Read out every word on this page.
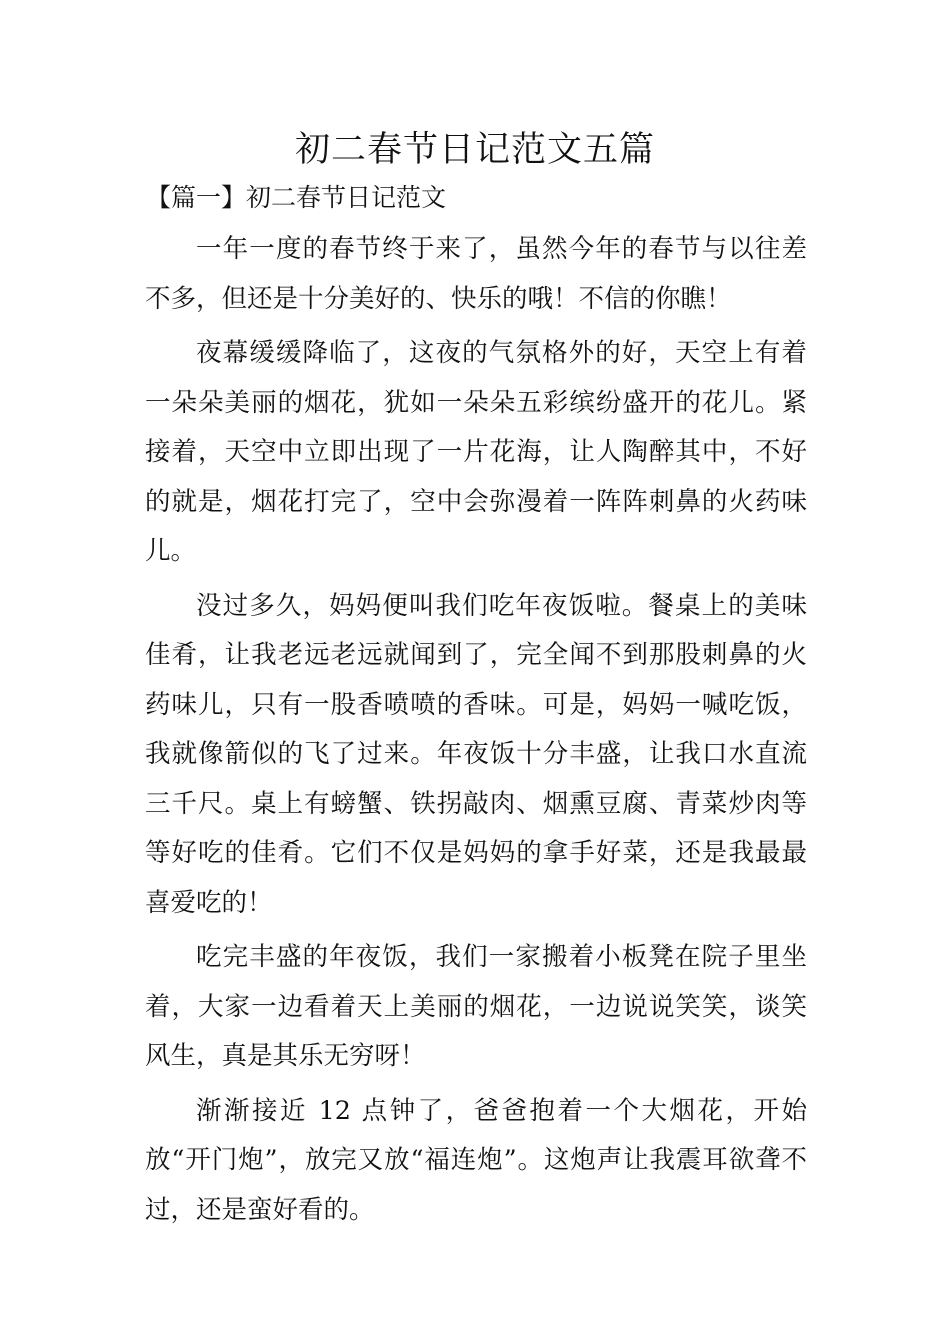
初二春节日记范文五篇

【篇一】初二春节日记范文

一年一度的春节终于来了，虽然今年的春节与以往差不多，但还是十分美好的、快乐的哦！不信的你瞧！

夜幕缓缓降临了，这夜的气氛格外的好，天空上有着一朵朵美丽的烟花，犹如一朵朵五彩缤纷盛开的花儿。紧接着，天空中立即出现了一片花海，让人陶醉其中，不好的就是，烟花打完了，空中会弥漫着一阵阵刺鼻的火药味儿。

没过多久，妈妈便叫我们吃年夜饭啦。餐桌上的美味佳肴，让我老远老远就闻到了，完全闻不到那股刺鼻的火药味儿，只有一股香喷喷的香味。可是，妈妈一喊吃饭，我就像箭似的飞了过来。年夜饭十分丰盛，让我口水直流三千尺。桌上有螃蟹、铁拐敲肉、烟熏豆腐、青菜炒肉等等好吃的佳肴。它们不仅是妈妈的拿手好菜，还是我最最喜爱吃的！

吃完丰盛的年夜饭，我们一家搬着小板凳在院子里坐着，大家一边看着天上美丽的烟花，一边说说笑笑，谈笑风生，真是其乐无穷呀！

渐渐接近 12 点钟了，爸爸抱着一个大烟花，开始放“开门炮”，放完又放“福连炮”。这炮声让我震耳欲聋不过，还是蛮好看的。
